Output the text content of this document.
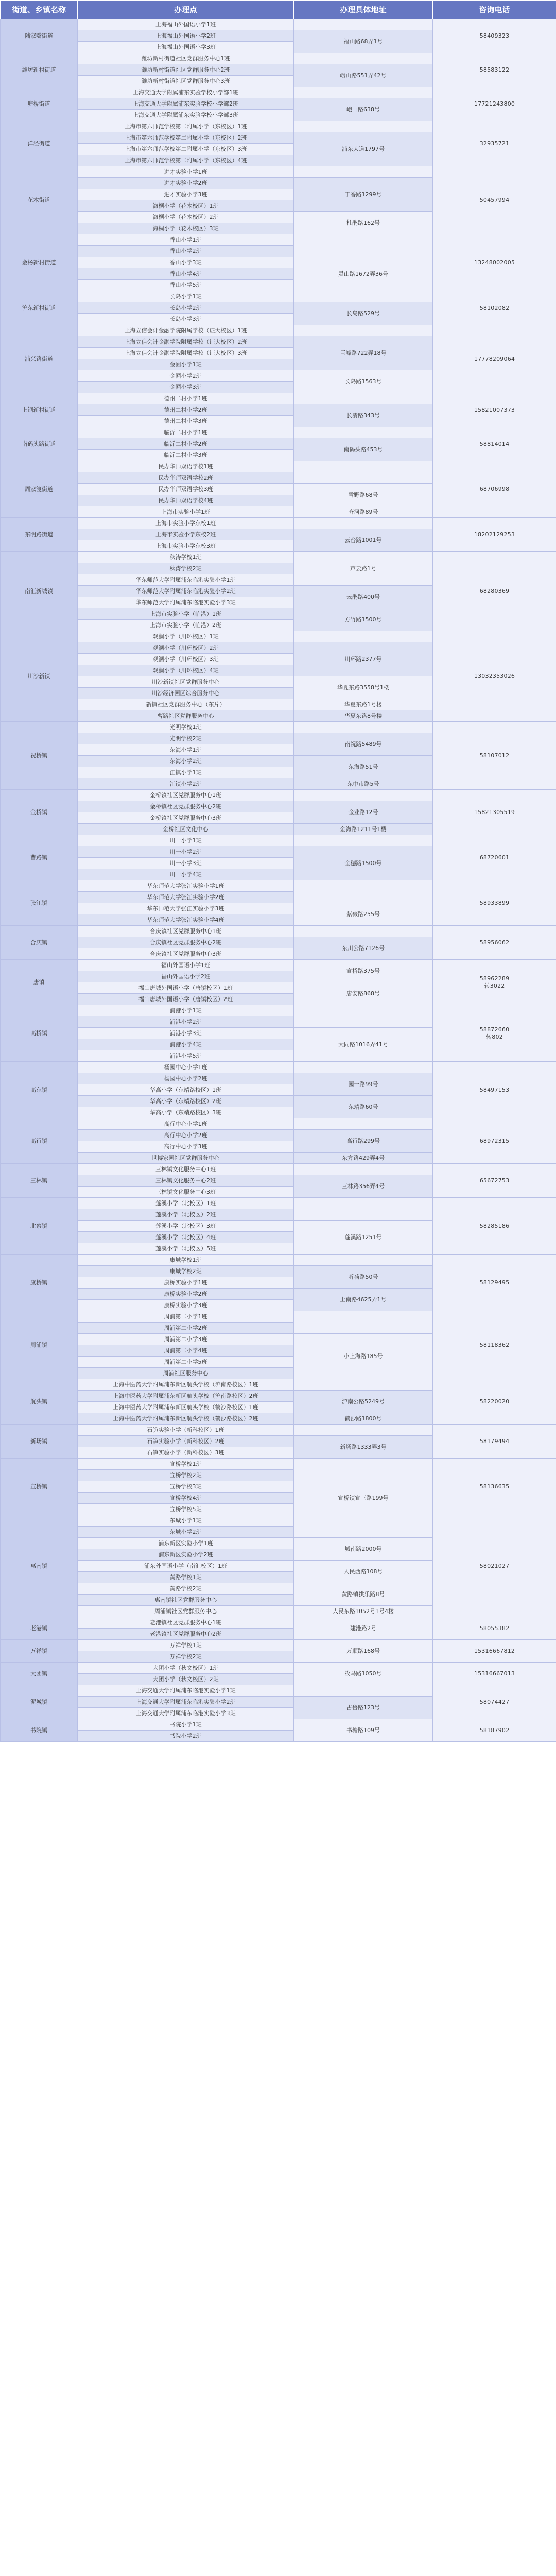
街道、乡镇名称	办理点	办理具体地址	咨询电话
陆家嘴街道	上海福山外国语小学1班		58409323
	上海福山外国语小学2班	福山路68弄1号	
	上海福山外国语小学3班		
潍坊新村街道	潍坊新村街道社区党群服务中心1班		58583122
	潍坊新村街道社区党群服务中心2班	峨山路551弄42号	
	潍坊新村街道社区党群服务中心3班		
塘桥街道	上海交通大学附属浦东实验学校小学部1班		17721243800
	上海交通大学附属浦东实验学校小学部2班	峨山路638号	
	上海交通大学附属浦东实验学校小学部3班		
洋泾街道	上海市第六师范学校第二附属小学（东校区）1班		32935721
	上海市第六师范学校第二附属小学（东校区）2班	浦东大道1797号	
	上海市第六师范学校第二附属小学（东校区）3班		
	上海市第六师范学校第二附属小学（东校区）4班		
花木街道	进才实验小学1班		50457994
	进才实验小学2班	丁香路1299号	
	进才实验小学3班		
	海桐小学（花木校区）1班		
	海桐小学（花木校区）2班	杜鹃路162号	
	海桐小学（花木校区）3班		
金杨新村街道	香山小学1班		13248002005
	香山小学2班		
	香山小学3班	灵山路1672弄36号	
	香山小学4班		
	香山小学5班		
沪东新村街道	长岛小学1班		58102082
	长岛小学2班	长岛路529号	
	长岛小学3班		
浦兴路街道	上海立信会计金融学院附属学校（证大校区）1班		17778209064
	上海立信会计金融学院附属学校（证大校区）2班	巨峰路722弄18号	
	上海立信会计金融学院附属学校（证大校区）3班		
	金囿小学1班		
	金囿小学2班	长岛路1563号	
	金囿小学3班		
上钢新村街道	德州二村小学1班		15821007373
	德州二村小学2班	长清路343号	
	德州二村小学3班		
南码头路街道	临沂二村小学1班		58814014
	临沂二村小学2班	南码头路453号	
	临沂二村小学3班		
周家渡街道	民办华师双语学校1班		68706998
	民办华师双语学校2班		
	民办华师双语学校3班	雪野路68号	
	民办华师双语学校4班		
	上海市实验小学1班	齐河路89号	
东明路街道	上海市实验小学东校1班		18202129253
	上海市实验小学东校2班	云台路1001号	
	上海市实验小学东校3班		
南汇新城镇	秋涛学校1班	芦云路1号	68280369
	秋涛学校2班		
	华东师范大学附属浦东临港实验小学1班		
	华东师范大学附属浦东临港实验小学2班	云鹃路400号	
	华东师范大学附属浦东临港实验小学3班		
	上海市实验小学（临港）1班	方竹路1500号	
	上海市实验小学（临港）2班		
川沙新镇	观澜小学（川环校区）1班		13032353026
	观澜小学（川环校区）2班	川环路2377号	
	观澜小学（川环校区）3班		
	观澜小学（川环校区）4班		
	川沙新镇社区党群服务中心	华夏东路3558号1楼	
	川沙经济园区综合服务中心		
	新镇社区党群服务中心（东片）	华夏东路1号楼	
	曹路社区党群服务中心	华夏东路8号楼	
祝桥镇	光明学校1班		58107012
	光明学校2班	南祝路5489号	
	东海小学1班		
	东海小学2班	东海路51号	
	江镇小学1班		
	江镇小学2班	东中市路5号	
金桥镇	金桥镇社区党群服务中心1班		15821305519
	金桥镇社区党群服务中心2班	金业路12号	
	金桥镇社区党群服务中心3班		
	金桥社区文化中心	金海路1211号1楼	
曹路镇	川一小学1班		68720601
	川一小学2班	金穗路1500号	
	川一小学3班		
	川一小学4班		
张江镇	华东师范大学张江实验小学1班		58933899
	华东师范大学张江实验小学2班		
	华东师范大学张江实验小学3班	紫薇路255号	
	华东师范大学张江实验小学4班		
合庆镇	合庆镇社区党群服务中心1班		58956062
	合庆镇社区党群服务中心2班	东川公路7126号	
	合庆镇社区党群服务中心3班		
唐镇	福山外国语小学1班	宣桥路375号	58962289
转3022
	福山外国语小学2班		
	福山唐城外国语小学（唐镇校区）1班	唐安路868号	
	福山唐城外国语小学（唐镇校区）2班		
高桥镇	浦港小学1班		58872660
转802
	浦港小学2班		
	浦港小学3班	大同路1016弄41号	
	浦港小学4班		
	浦港小学5班		
高东镇	杨园中心小学1班		58497153
	杨园中心小学2班	园一路99号	
	华高小学（东靖路校区）1班		
	华高小学（东靖路校区）2班	东靖路60号	
	华高小学（东靖路校区）3班		
高行镇	高行中心小学1班		68972315
	高行中心小学2班	高行路299号	
	高行中心小学3班		
	世博家园社区党群服务中心	东方路429弄4号	
三林镇	三林镇文化服务中心1班		65672753
	三林镇文化服务中心2班	三林路356弄4号	
	三林镇文化服务中心3班		
北蔡镇	莲溪小学（北校区）1班		58285186
	莲溪小学（北校区）2班		
	莲溪小学（北校区）3班	莲溪路1251号	
	莲溪小学（北校区）4班		
	莲溪小学（北校区）5班		
康桥镇	康城学校1班		58129495
	康城学校2班	听荷路50号	
	康桥实验小学1班		
	康桥实验小学2班	上南路4625弄1号	
	康桥实验小学3班		
周浦镇	周浦第二小学1班		58118362
	周浦第二小学2班		
	周浦第二小学3班	小上海路185号	
	周浦第二小学4班		
	周浦第二小学5班		
	周浦社区服务中心		
航头镇	上海中医药大学附属浦东新区航头学校（沪南路校区）1班		58220020
	上海中医药大学附属浦东新区航头学校（沪南路校区）2班	沪南公路5249号	
	上海中医药大学附属浦东新区航头学校（鹤沙路校区）1班		
	上海中医药大学附属浦东新区航头学校（鹤沙路校区）2班	鹤沙路1800号	
新场镇	石笋实验小学（新科校区）1班		58179494
	石笋实验小学（新科校区）2班	新场路1333弄3号	
	石笋实验小学（新科校区）3班		
宣桥镇	宣桥学校1班		58136635
	宣桥学校2班		
	宣桥学校3班	宣桥镇宣三路199号	
	宣桥学校4班		
	宣桥学校5班		
惠南镇	东城小学1班		58021027
	东城小学2班		
	浦东新区实验小学1班	城南路2000号	
	浦东新区实验小学2班		
	浦东外国语小学（南汇校区）1班	人民西路108号	
	黄路学校1班		
	黄路学校2班	黄路镇拱乐路8号	
	惠南镇社区党群服务中心		
	周浦镇社区党群服务中心	人民东路1052号1号4楼	
老港镇	老港镇社区党群服务中心1班	建港路2号	58055382
	老港镇社区党群服务中心2班		
万祥镇	万祥学校1班	万顺路168号	15316667812
	万祥学校2班		
大团镇	大团小学（秋文校区）1班	牧马路1050号	15316667013
	大团小学（秋文校区）2班		
泥城镇	上海交通大学附属浦东临港实验小学1班		58074427
	上海交通大学附属浦东临港实验小学2班	古鲁路123号	
	上海交通大学附属浦东临港实验小学3班		
书院镇	书院小学1班	书塘路109号	58187902
	书院小学2班		
